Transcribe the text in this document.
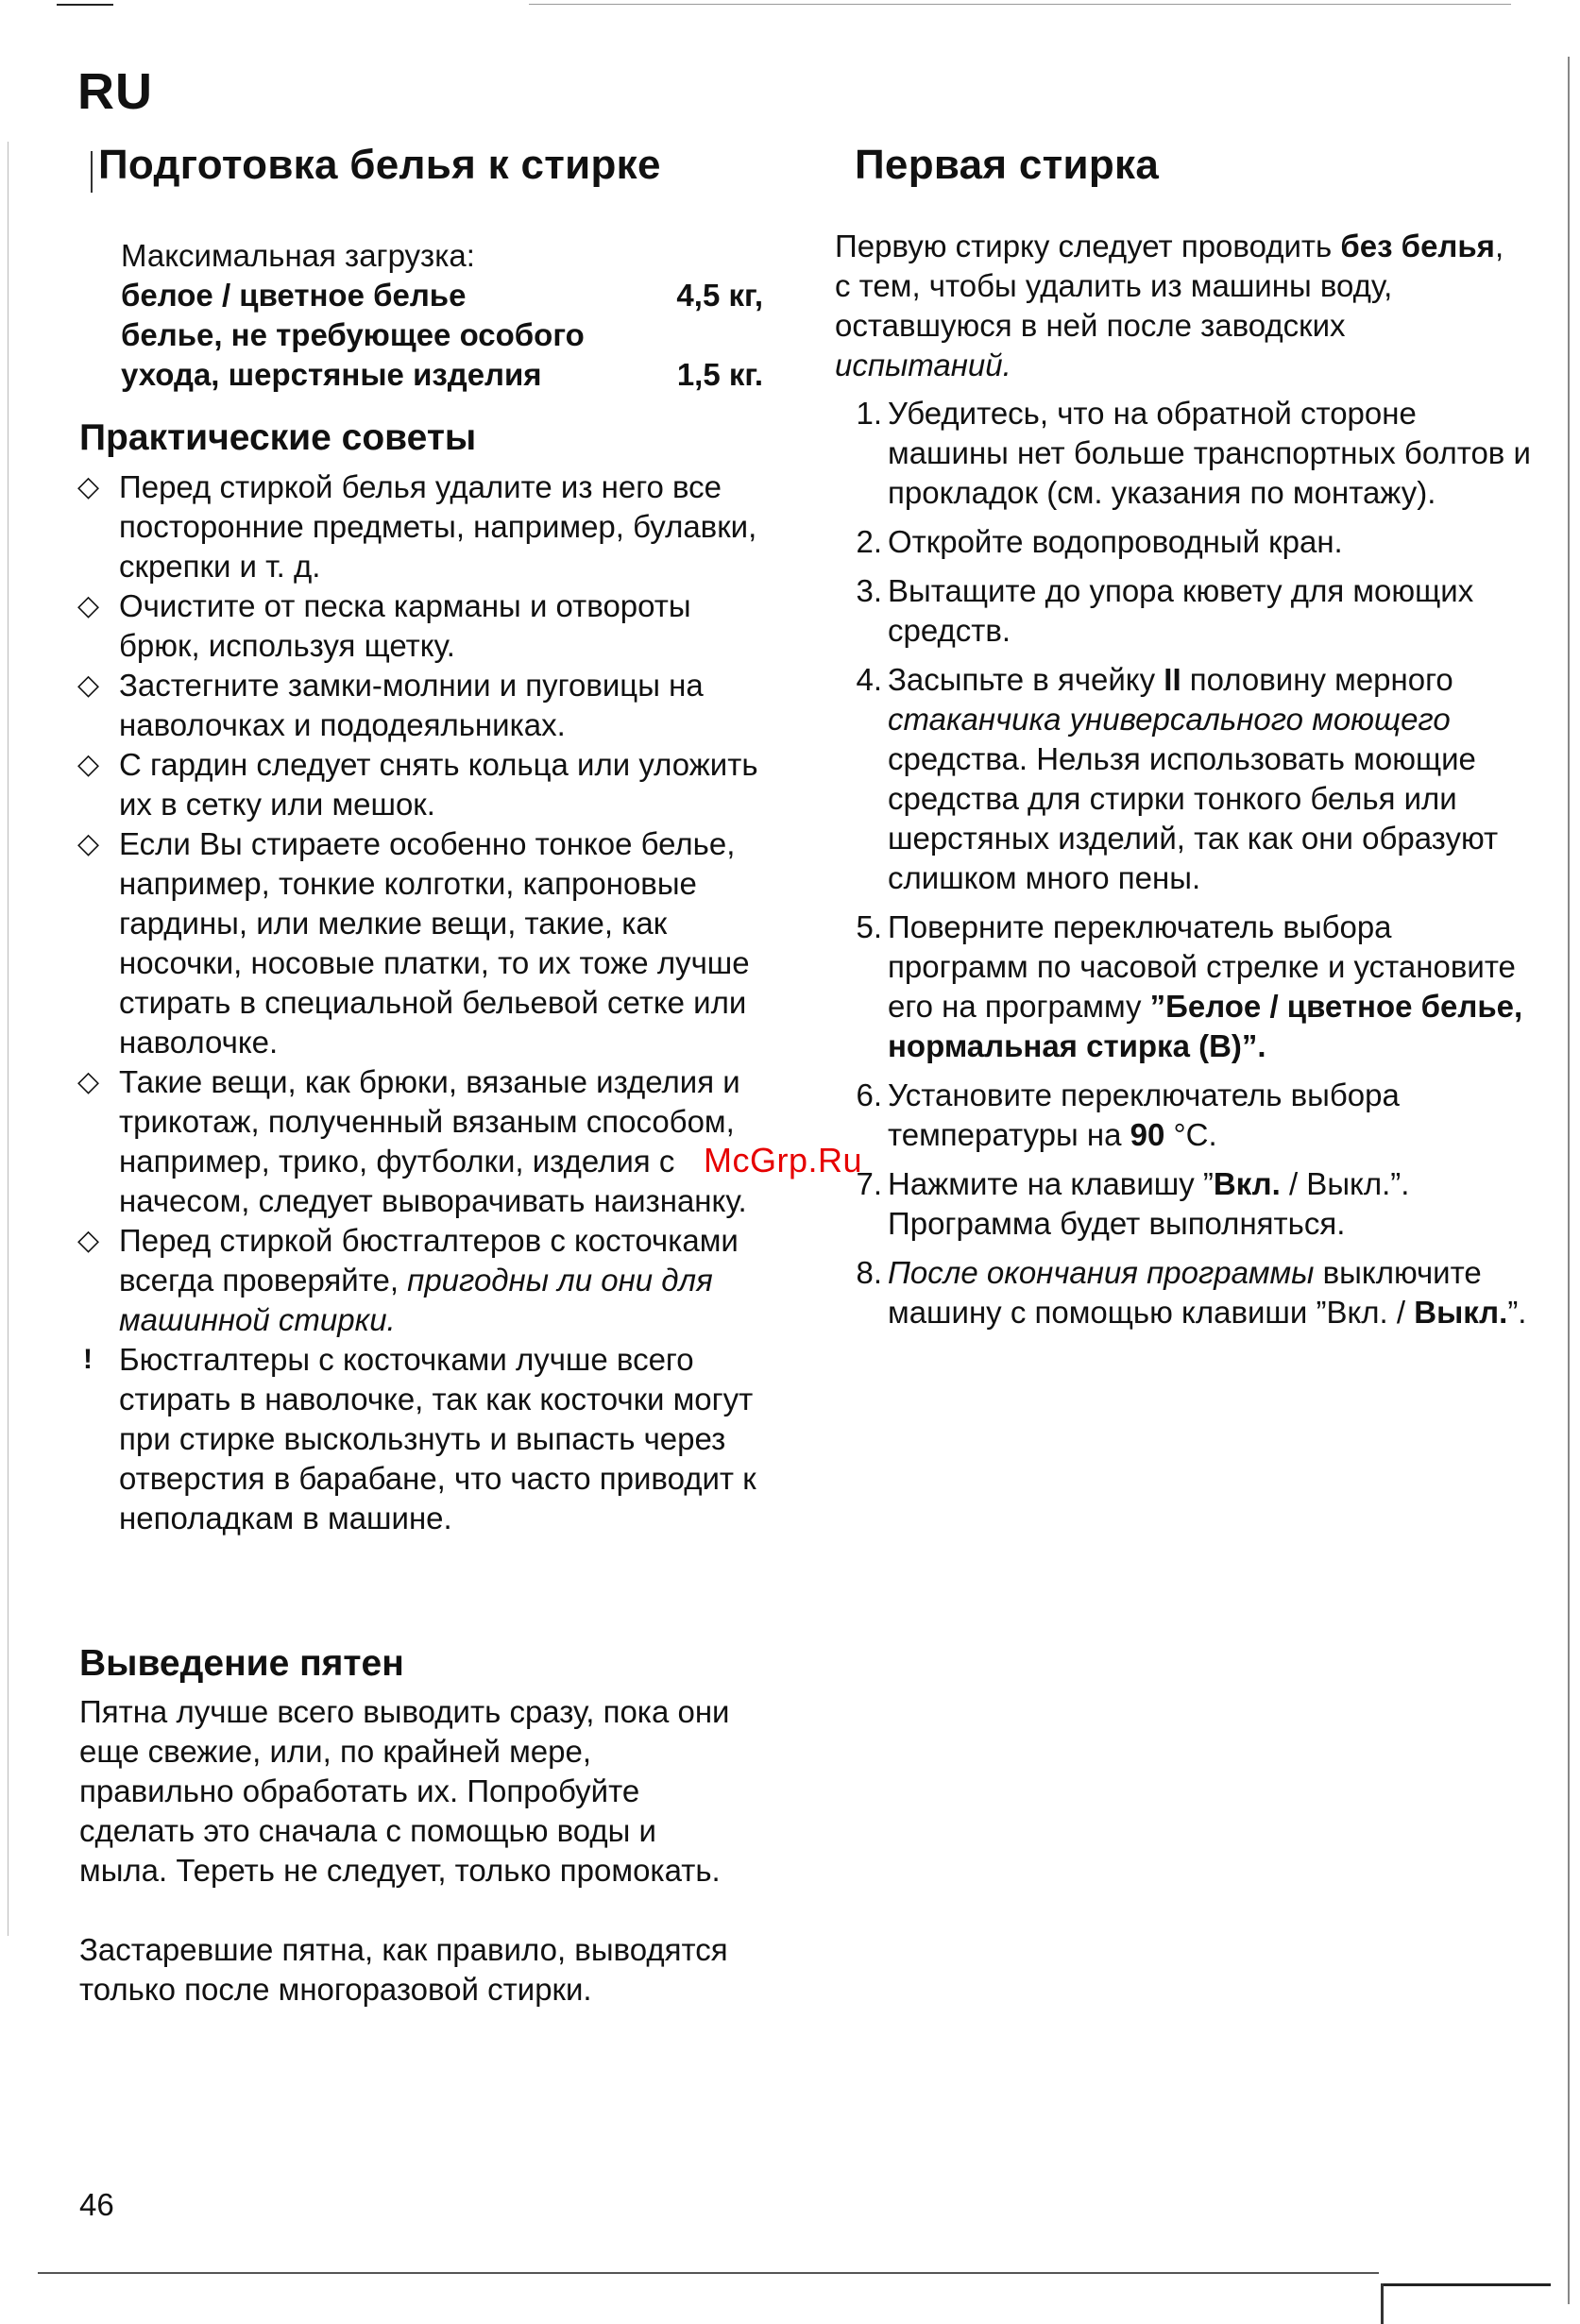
RU
Подготовка белья к стирке
Максимальная загрузка:
белое / цветное белье	4,5 кг,
белье, не требующее особого
ухода, шерстяные изделия	1,5 кг.
Практические советы
◇ Перед стиркой белья удалите из него все посторонние предметы, например, булавки, скрепки и т. д.
◇ Очистите от песка карманы и отвороты брюк, используя щетку.
◇ Застегните замки-молнии и пуговицы на наволочках и пододеяльниках.
◇ С гардин следует снять кольца или уложить их в сетку или мешок.
◇ Если Вы стираете особенно тонкое белье, например, тонкие колготки, капроновые гардины, или мелкие вещи, такие, как носочки, носовые платки, то их тоже лучше стирать в специальной бельевой сетке или наволочке.
◇ Такие вещи, как брюки, вязаные изделия и трикотаж, полученный вязаным способом, например, трико, футболки, изделия с начесом, следует выворачивать наизнанку.
◇ Перед стиркой бюстгалтеров с косточками всегда проверяйте, пригодны ли они для машинной стирки.
! Бюстгалтеры с косточками лучше всего стирать в наволочке, так как косточки могут при стирке выскользнуть и выпасть через отверстия в барабане, что часто приводит к неполадкам в машине.
Выведение пятен
Пятна лучше всего выводить сразу, пока они еще свежие, или, по крайней мере, правильно обработать их. Попробуйте сделать это сначала с помощью воды и мыла. Тереть не следует, только промокать.
Застаревшие пятна, как правило, выводятся только после многоразовой стирки.
Первая стирка
Первую стирку следует проводить без белья, с тем, чтобы удалить из машины воду, оставшуюся в ней после заводских испытаний.
1. Убедитесь, что на обратной стороне машины нет больше транспортных болтов и прокладок (см. указания по монтажу).
2. Откройте водопроводный кран.
3. Вытащите до упора кювету для моющих средств.
4. Засыпьте в ячейку II половину мерного стаканчика универсального моющего средства. Нельзя использовать моющие средства для стирки тонкого белья или шерстяных изделий, так как они образуют слишком много пены.
5. Поверните переключатель выбора программ по часовой стрелке и установите его на программу ”Белое / цветное белье, нормальная стирка (B)”.
6. Установите переключатель выбора температуры на 90 °C.
7. Нажмите на клавишу ”Вкл. / Выкл.”. Программа будет выполняться.
8. После окончания программы выключите машину с помощью клавиши ”Вкл. / Выкл.”.
McGrp.Ru
46
